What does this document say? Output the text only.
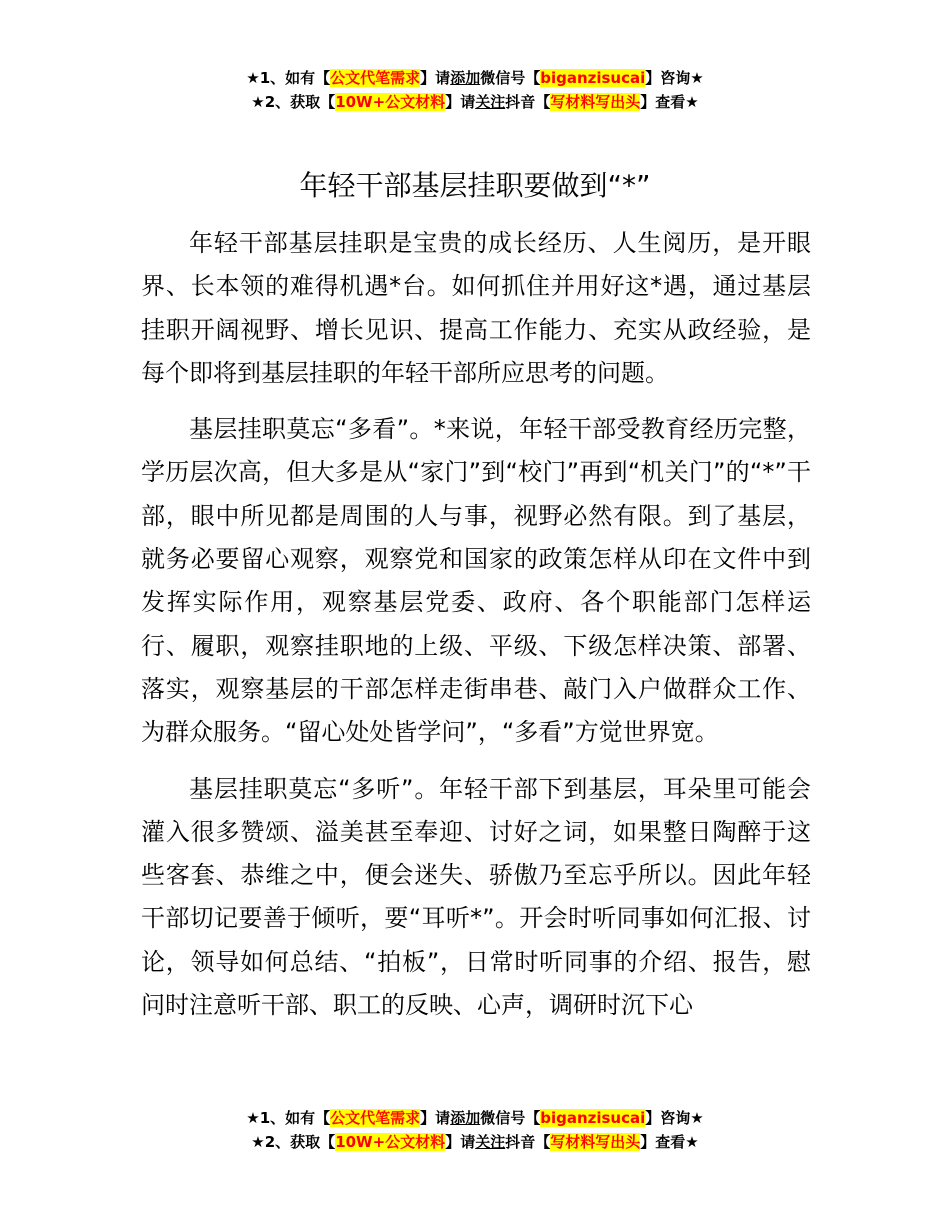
★1、如有【公文代笔需求】请添加微信号【biganzisucai】咨询★
★2、获取【10W+公文材料】请关注抖音【写材料写出头】查看★
年轻干部基层挂职要做到“*”

年轻干部基层挂职是宝贵的成长经历、人生阅历，是开眼界、长本领的难得机遇*台。如何抓住并用好这*遇，通过基层挂职开阔视野、增长见识、提高工作能力、充实从政经验，是每个即将到基层挂职的年轻干部所应思考的问题。

基层挂职莫忘“多看”。*来说，年轻干部受教育经历完整，学历层次高，但大多是从“家门”到“校门”再到“机关门”的“*”干部，眼中所见都是周围的人与事，视野必然有限。到了基层，就务必要留心观察，观察党和国家的政策怎样从印在文件中到发挥实际作用，观察基层党委、政府、各个职能部门怎样运行、履职，观察挂职地的上级、平级、下级怎样决策、部署、落实，观察基层的干部怎样走街串巷、敲门入户做群众工作、为群众服务。“留心处处皆学问”，“多看”方觉世界宽。

基层挂职莫忘“多听”。年轻干部下到基层，耳朵里可能会灌入很多赞颂、溢美甚至奉迎、讨好之词，如果整日陶醉于这些客套、恭维之中，便会迷失、骄傲乃至忘乎所以。因此年轻干部切记要善于倾听，要“耳听*”。开会时听同事如何汇报、讨论，领导如何总结、“拍板”，日常时听同事的介绍、报告，慰问时注意听干部、职工的反映、心声，调研时沉下心

★1、如有【公文代笔需求】请添加微信号【biganzisucai】咨询★
★2、获取【10W+公文材料】请关注抖音【写材料写出头】查看★
